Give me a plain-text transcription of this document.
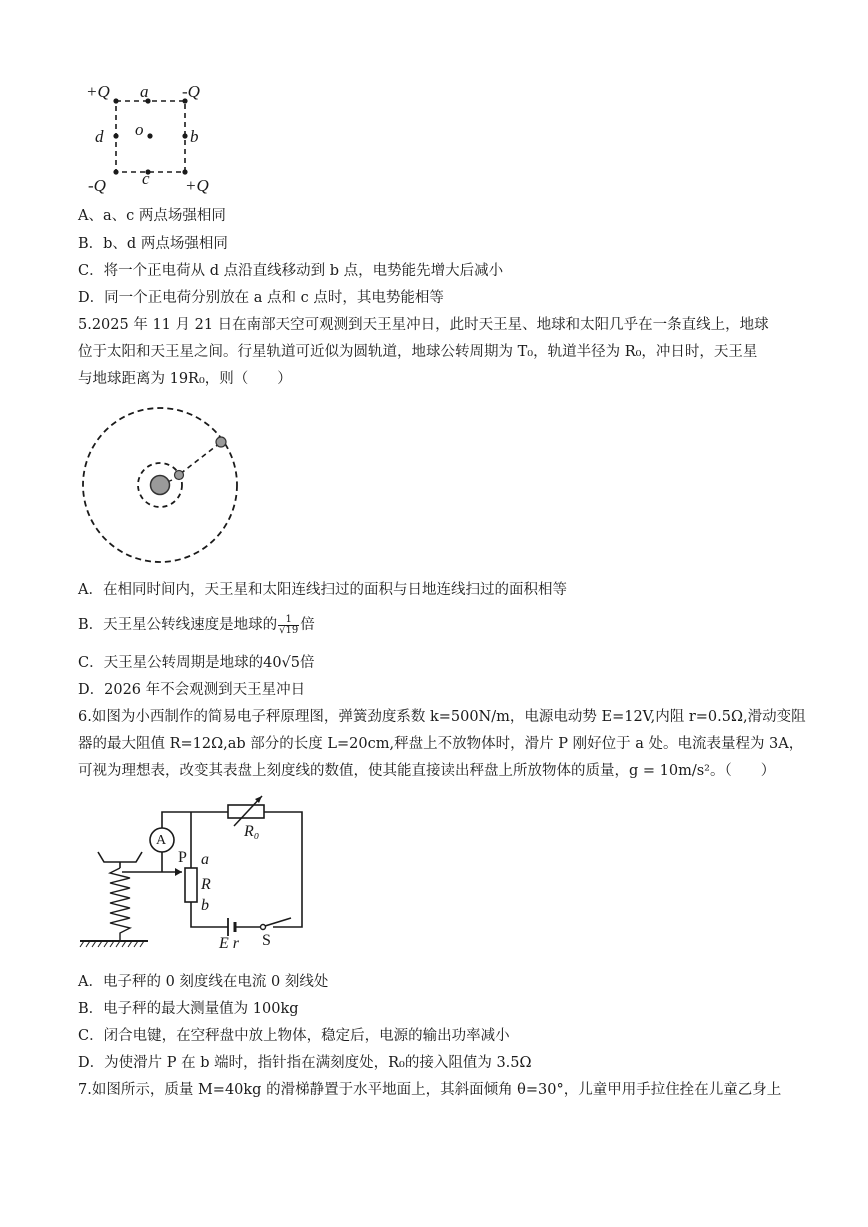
+Q a -Q
d o	b
-Q c +Q
A、a、c 两点场强相同
B．b、d 两点场强相同
C．将一个正电荷从 d 点沿直线移动到 b 点，电势能先增大后减小
D．同一个正电荷分别放在 a 点和 c 点时，其电势能相等
5.2025 年 11 月 21 日在南部天空可观测到天王星冲日，此时天王星、地球和太阳几乎在一条直线上，地球
位于太阳和天王星之间。行星轨道可近似为圆轨道，地球公转周期为 T₀，轨道半径为 R₀，冲日时，天王星
与地球距离为 19R₀，则（　　）
A．在相同时间内，天王星和太阳连线扫过的面积与日地连线扫过的面积相等
B．天王星公转线速度是地球的 $\frac{1}{√19}$ 倍
C．天王星公转周期是地球的40√5倍
D．2026 年不会观测到天王星冲日
6.如图为小西制作的简易电子秤原理图，弹簧劲度系数 k=500N/m，电源电动势 E=12V,内阻 r=0.5Ω,滑动变阻
器的最大阻值 R=12Ω,ab 部分的长度 L=20cm,秤盘上不放物体时，滑片 P 刚好位于 a 处。电流表量程为 3A，
可视为理想表，改变其表盘上刻度线的数值，使其能直接读出秤盘上所放物体的质量，g = 10m/s²。（　　）
A
R₀
P a
R
b
E r S
A．电子秤的 0 刻度线在电流 0 刻线处
B．电子秤的最大测量值为 100kg
C．闭合电键，在空秤盘中放上物体，稳定后，电源的输出功率减小
D．为使滑片 P 在 b 端时，指针指在满刻度处，R₀的接入阻值为 3.5Ω
7.如图所示，质量 M=40kg 的滑梯静置于水平地面上，其斜面倾角 θ=30°，儿童甲用手拉住拴在儿童乙身上
